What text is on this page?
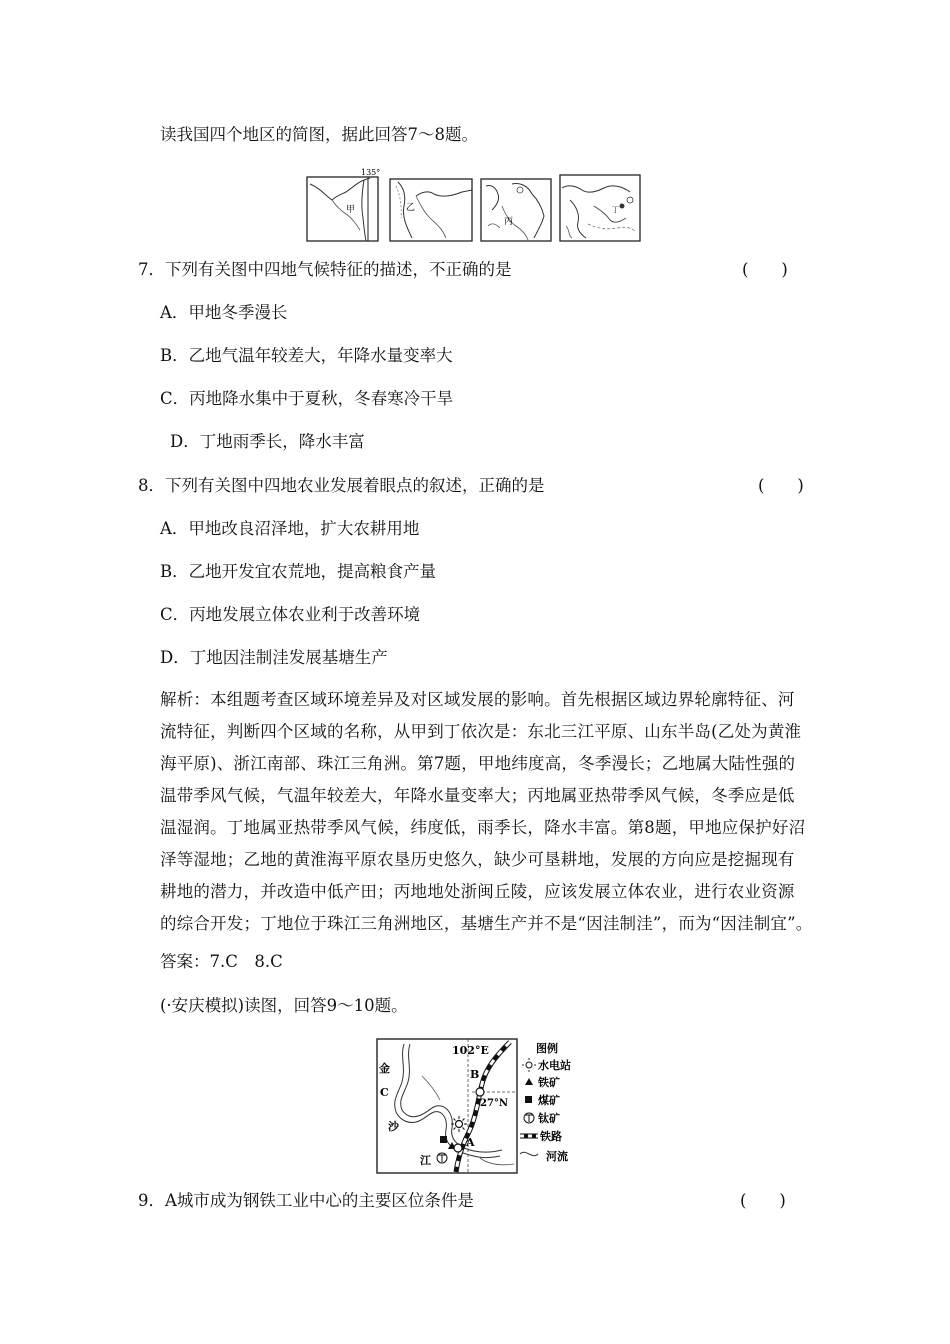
读我国四个地区的简图，据此回答7～8题。
135°
甲	乙
丙
丁
7．下列有关图中四地气候特征的描述，不正确的是	(　　)
A．甲地冬季漫长
B．乙地气温年较差大，年降水量变率大
C．丙地降水集中于夏秋，冬春寒冷干旱
D．丁地雨季长，降水丰富
8．下列有关图中四地农业发展着眼点的叙述，正确的是	(　　)
A．甲地改良沼泽地，扩大农耕用地
B．乙地开发宜农荒地，提高粮食产量
C．丙地发展立体农业利于改善环境
D．丁地因洼制洼发展基塘生产
解析：本组题考查区域环境差异及对区域发展的影响。首先根据区域边界轮廓特征、河
流特征，判断四个区域的名称，从甲到丁依次是：东北三江平原、山东半岛(乙处为黄淮
海平原)、浙江南部、珠江三角洲。第7题，甲地纬度高，冬季漫长；乙地属大陆性强的
温带季风气候，气温年较差大，年降水量变率大；丙地属亚热带季风气候，冬季应是低
温湿润。丁地属亚热带季风气候，纬度低，雨季长，降水丰富。第8题，甲地应保护好沼
泽等湿地；乙地的黄淮海平原农垦历史悠久，缺少可垦耕地，发展的方向应是挖掘现有
耕地的潜力，并改造中低产田；丙地地处浙闽丘陵，应该发展立体农业，进行农业资源
的综合开发；丁地位于珠江三角洲地区，基塘生产并不是“因洼制洼”，而为“因洼制宜”。
答案：7.C　8.C
(·安庆模拟)读图，回答9～10题。
102°E
27°N
B
A
C
金
沙
江
图例
水电站
铁矿
煤矿
钛矿
铁路
河流
9．A城市成为钢铁工业中心的主要区位条件是	(　　)
